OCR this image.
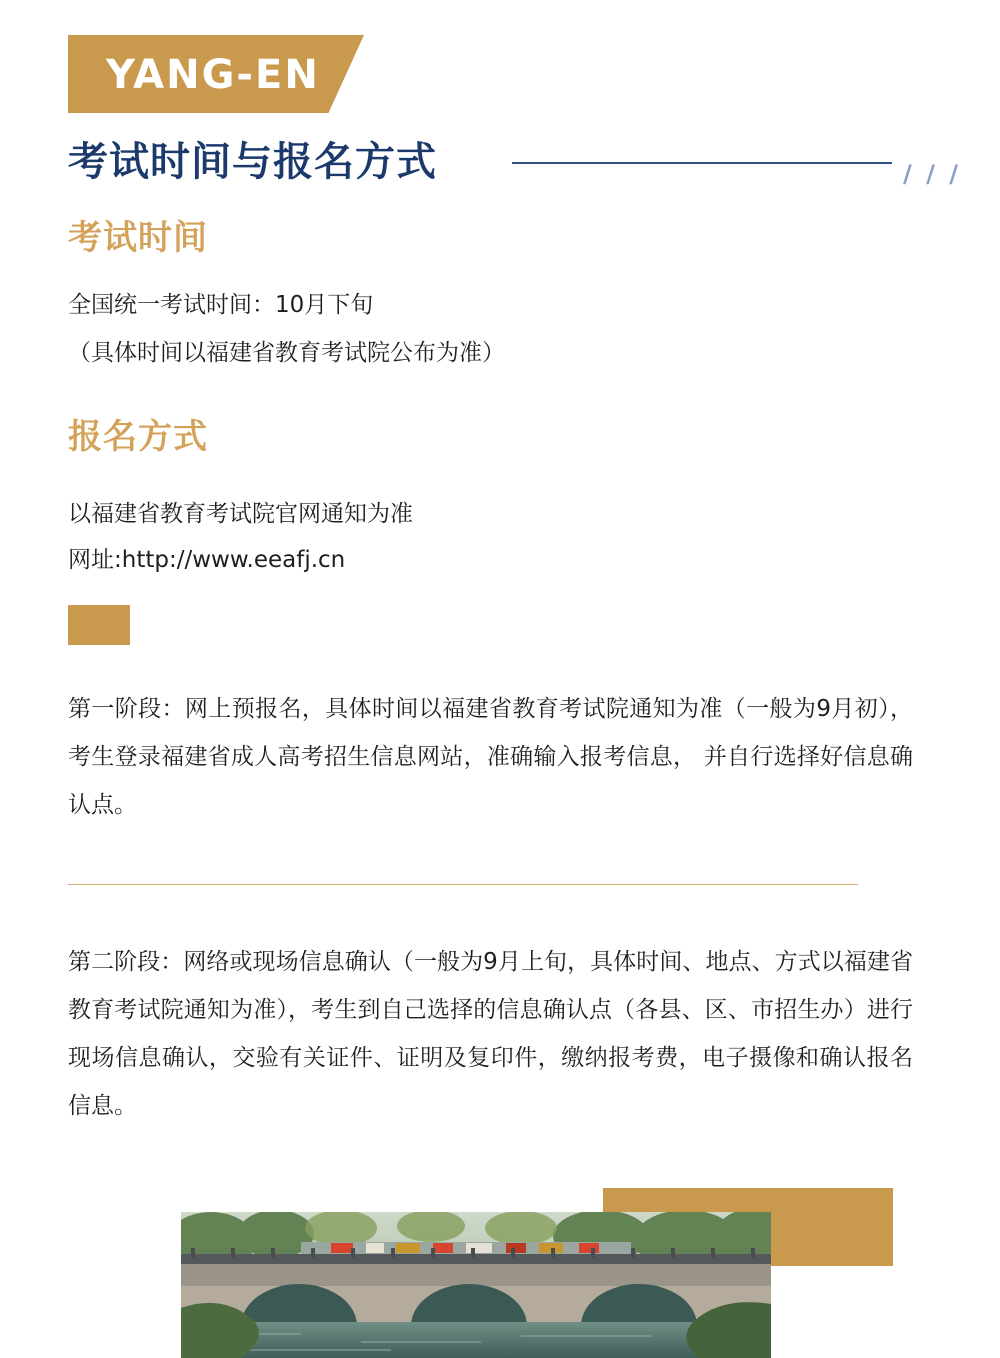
YANG-EN
考试时间与报名方式	/ / /
考试时间
全国统一考试时间：10月下旬
（具体时间以福建省教育考试院公布为准）
报名方式
以福建省教育考试院官网通知为准
网址:http://www.eeafj.cn
第一阶段：网上预报名，具体时间以福建省教育考试院通知为准（一般为9月初），考生登录福建省成人高考招生信息网站，准确输入报考信息， 并自行选择好信息确认点。
第二阶段：网络或现场信息确认（一般为9月上旬，具体时间、地点、方式以福建省教育考试院通知为准），考生到自己选择的信息确认点（各县、区、市招生办）进行现场信息确认，交验有关证件、证明及复印件，缴纳报考费，电子摄像和确认报名信息。
